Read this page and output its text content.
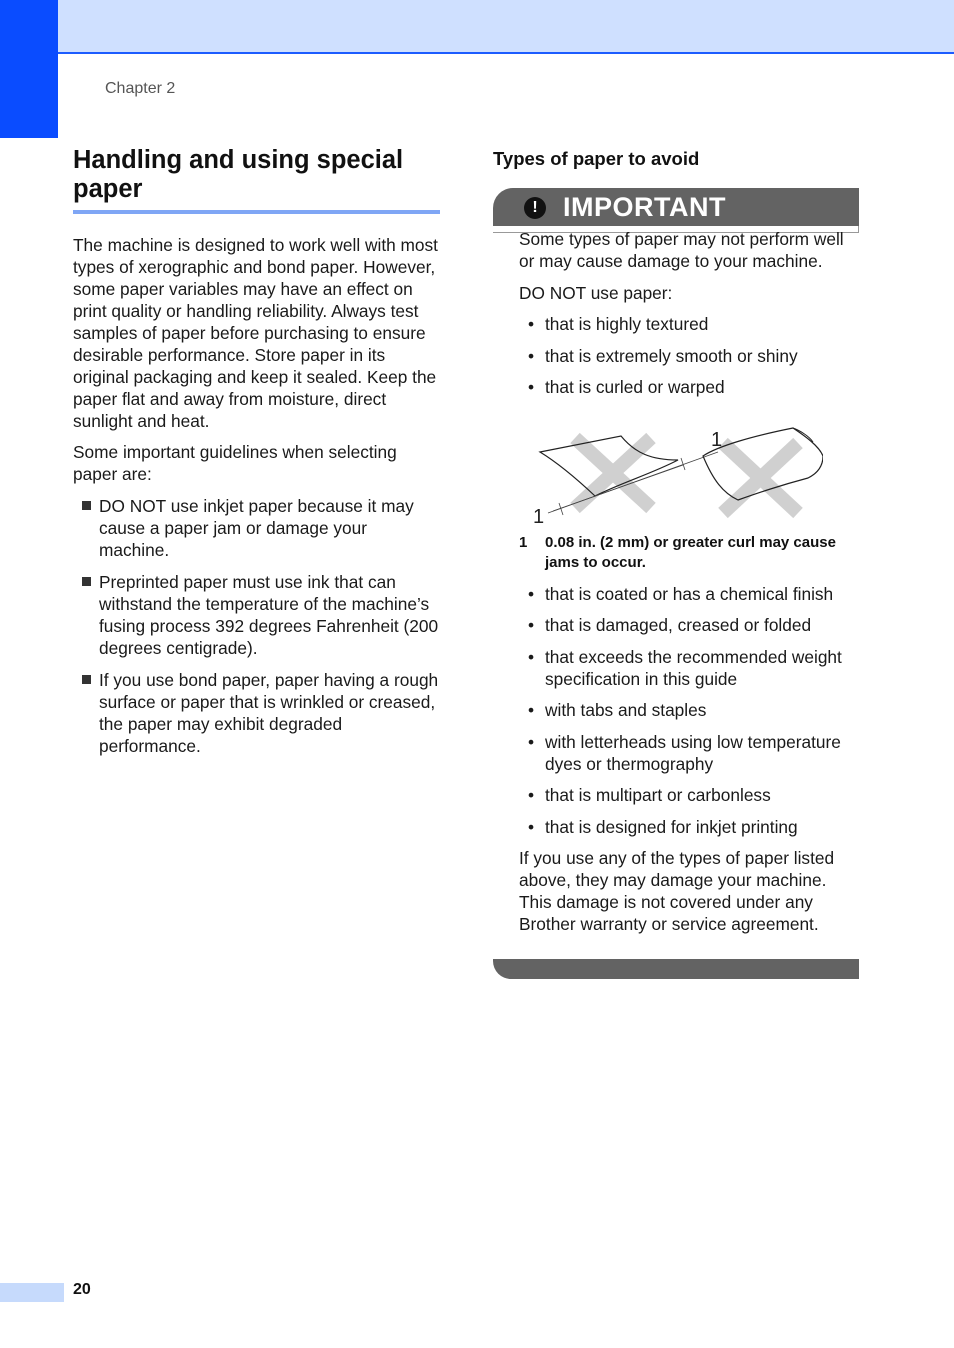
Chapter 2
Handling and using special paper

The machine is designed to work well with most types of xerographic and bond paper. However, some paper variables may have an effect on print quality or handling reliability. Always test samples of paper before purchasing to ensure desirable performance. Store paper in its original packaging and keep it sealed. Keep the paper flat and away from moisture, direct sunlight and heat.

Some important guidelines when selecting paper are:

DO NOT use inkjet paper because it may cause a paper jam or damage your machine.
Preprinted paper must use ink that can withstand the temperature of the machine’s fusing process 392 degrees Fahrenheit (200 degrees centigrade).
If you use bond paper, paper having a rough surface or paper that is wrinkled or creased, the paper may exhibit degraded performance.
Types of paper to avoid
! IMPORTANT

Some types of paper may not perform well or may cause damage to your machine.

DO NOT use paper:

• that is highly textured
• that is extremely smooth or shiny
• that is curled or warped
1
1
1 0.08 in. (2 mm) or greater curl may cause jams to occur.
• that is coated or has a chemical finish
• that is damaged, creased or folded
• that exceeds the recommended weight specification in this guide
• with tabs and staples
• with letterheads using low temperature dyes or thermography
• that is multipart or carbonless
• that is designed for inkjet printing

If you use any of the types of paper listed above, they may damage your machine. This damage is not covered under any Brother warranty or service agreement.

20
